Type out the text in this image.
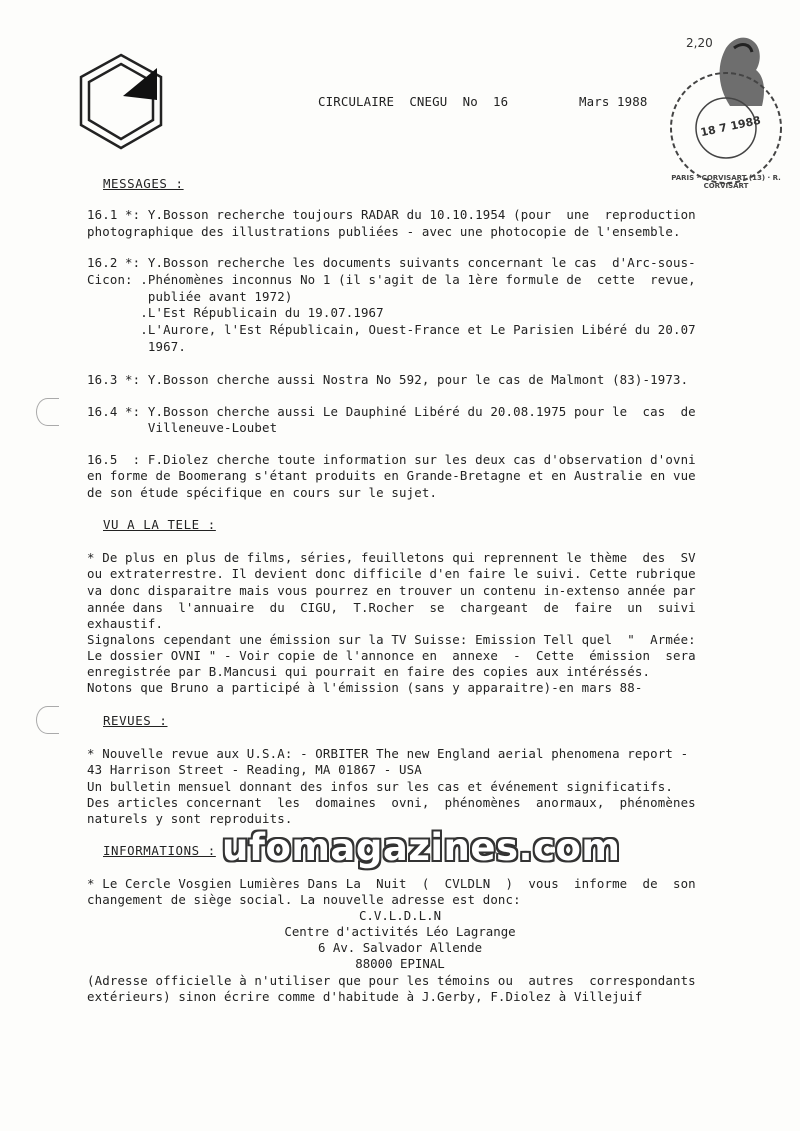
CIRCULAIRE  CNEGU  No  16	Mars 1988
2,20
PARIS · CORVISART (13) · R. CORVISART
18 7 1988
MESSAGES :
16.1 *: Y.Bosson recherche toujours RADAR du 10.10.1954 (pour  une  reproduction
photographique des illustrations publiées - avec une photocopie de l'ensemble.
16.2 *: Y.Bosson recherche les documents suivants concernant le cas  d'Arc-sous-
Cicon: .Phénomènes inconnus No 1 (il s'agit de la 1ère formule de  cette  revue,
publiée avant 1972)
.L'Est Républicain du 19.07.1967
.L'Aurore, l'Est Républicain, Ouest-France et Le Parisien Libéré du 20.07
1967.
16.3 *: Y.Bosson cherche aussi Nostra No 592, pour le cas de Malmont (83)-1973.
16.4 *: Y.Bosson cherche aussi Le Dauphiné Libéré du 20.08.1975 pour le  cas  de
Villeneuve-Loubet
16.5  : F.Diolez cherche toute information sur les deux cas d'observation d'ovni
en forme de Boomerang s'étant produits en Grande-Bretagne et en Australie en vue
de son étude spécifique en cours sur le sujet.
VU A LA TELE :
* De plus en plus de films, séries, feuilletons qui reprennent le thème  des  SV
ou extraterrestre. Il devient donc difficile d'en faire le suivi. Cette rubrique
va donc disparaitre mais vous pourrez en trouver un contenu in-extenso année par
année dans  l'annuaire  du  CIGU,  T.Rocher  se  chargeant  de  faire  un  suivi
exhaustif.
Signalons cependant une émission sur la TV Suisse: Emission Tell quel  "  Armée:
Le dossier OVNI " - Voir copie de l'annonce en  annexe  -  Cette  émission  sera
enregistrée par B.Mancusi qui pourrait en faire des copies aux intéréssés.
Notons que Bruno a participé à l'émission (sans y apparaitre)-en mars 88-
REVUES :
* Nouvelle revue aux U.S.A: - ORBITER The new England aerial phenomena report -
43 Harrison Street - Reading, MA 01867 - USA
Un bulletin mensuel donnant des infos sur les cas et événement significatifs.
Des articles concernant  les  domaines  ovni,  phénomènes  anormaux,  phénomènes
naturels y sont reproduits.
INFORMATIONS :
* Le Cercle Vosgien Lumières Dans La  Nuit  (  CVLDLN  )  vous  informe  de  son
changement de siège social. La nouvelle adresse est donc:
C.V.L.D.L.N
Centre d'activités Léo Lagrange
6 Av. Salvador Allende
88000 EPINAL
(Adresse officielle à n'utiliser que pour les témoins ou  autres  correspondants
extérieurs) sinon écrire comme d'habitude à J.Gerby, F.Diolez à Villejuif
ufomagazines.com
